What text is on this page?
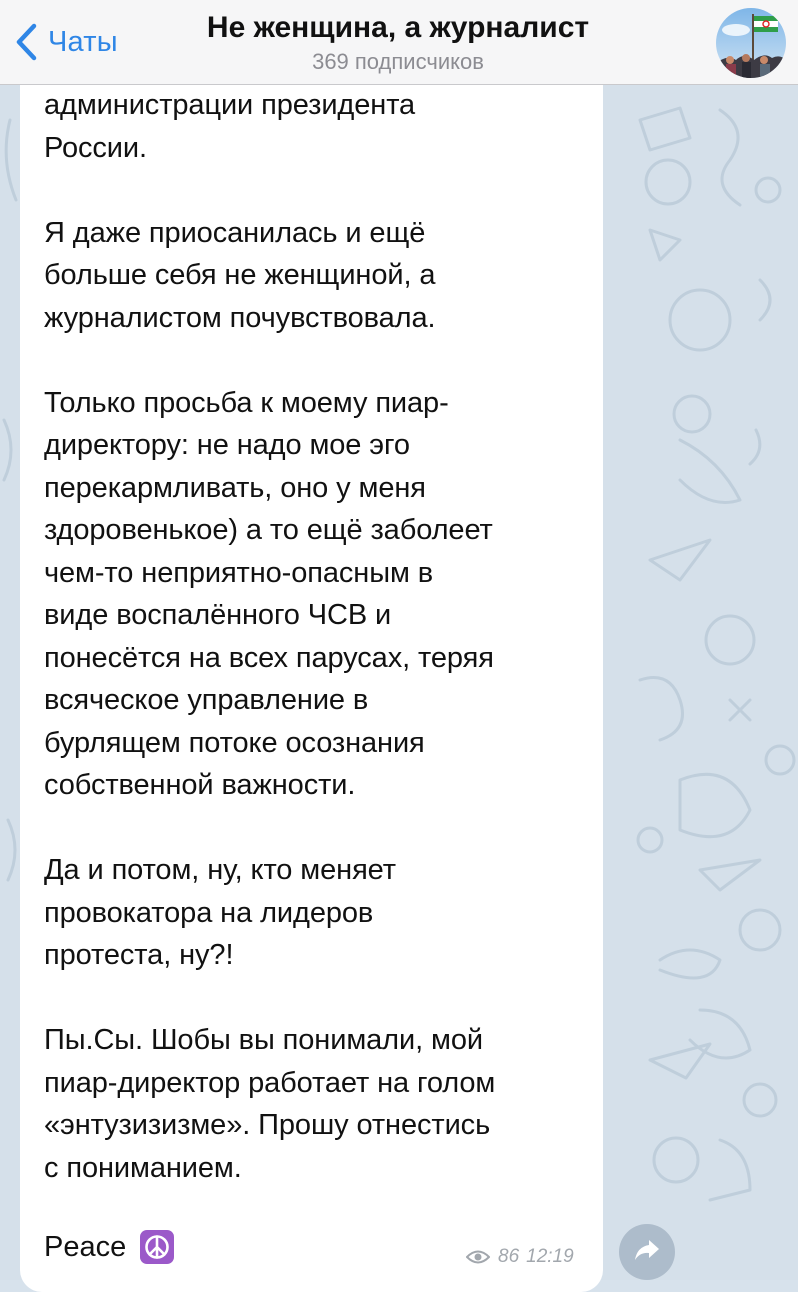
Чаты	Не женщина, а журналист
369 подписчиков
администрации президента
России.

Я даже приосанилась и ещё
больше себя не женщиной, а
журналистом почувствовала.

Только просьба к моему пиар-
директору: не надо мое эго
перекармливать, оно у меня
здоровенькое) а то ещё заболеет
чем-то неприятно-опасным в
виде воспалённого ЧСВ и
понесётся на всех парусах, теряя
всяческое управление в
бурлящем потоке осознания
собственной важности.

Да и потом, ну, кто меняет
провокатора на лидеров
протеста, ну?!

Пы.Сы. Шобы вы понимали, мой
пиар-директор работает на голом
«энтузизизме». Прошу отнестись
с пониманием.
Peace	86 12:19
